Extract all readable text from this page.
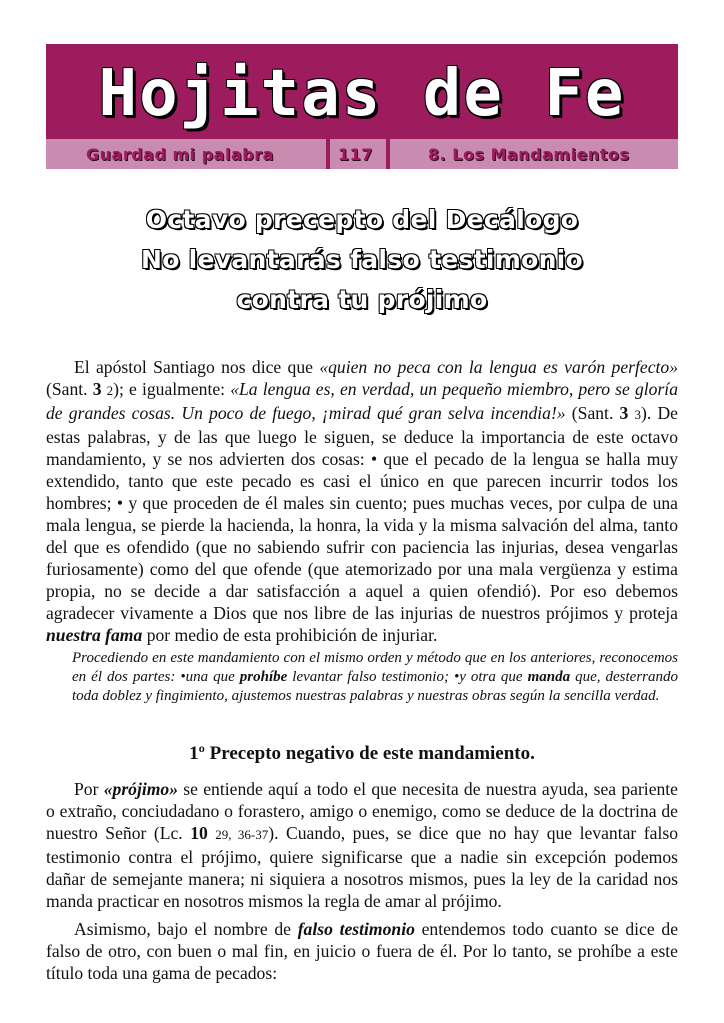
Hojitas de Fe
Guardad mi palabra	117	8. Los Mandamientos
Octavo precepto del Decálogo
No levantarás falso testimonio
contra tu prójimo

El apóstol Santiago nos dice que «quien no peca con la lengua es varón perfecto» (Sant. 3 2); e igualmente: «La lengua es, en verdad, un pequeño miembro, pero se gloría de grandes cosas. Un poco de fuego, ¡mirad qué gran selva incendia!» (Sant. 3 3). De estas palabras, y de las que luego le siguen, se deduce la importancia de este octavo mandamiento, y se nos advierten dos cosas: • que el pecado de la lengua se halla muy extendido, tanto que este pecado es casi el único en que parecen incurrir todos los hombres; • y que proceden de él males sin cuento; pues muchas veces, por culpa de una mala lengua, se pierde la hacienda, la honra, la vida y la misma salvación del alma, tanto del que es ofendido (que no sabiendo sufrir con paciencia las injurias, desea vengarlas furiosamente) como del que ofende (que atemorizado por una mala vergüenza y estima propia, no se decide a dar satisfacción a aquel a quien ofendió). Por eso debemos agradecer vivamente a Dios que nos libre de las injurias de nuestros prójimos y proteja nuestra fama por medio de esta prohibición de injuriar.

Procediendo en este mandamiento con el mismo orden y método que en los anteriores, reconocemos en él dos partes: •una que prohíbe levantar falso testimonio; •y otra que manda que, desterrando toda doblez y fingimiento, ajustemos nuestras palabras y nuestras obras según la sencilla verdad.
1º Precepto negativo de este mandamiento.

Por «prójimo» se entiende aquí a todo el que necesita de nuestra ayuda, sea pariente o extraño, conciudadano o forastero, amigo o enemigo, como se deduce de la doctrina de nuestro Señor (Lc. 10 29, 36-37). Cuando, pues, se dice que no hay que levantar falso testimonio contra el prójimo, quiere significarse que a nadie sin excepción podemos dañar de semejante manera; ni siquiera a nosotros mismos, pues la ley de la caridad nos manda practicar en nosotros mismos la regla de amar al prójimo.

Asimismo, bajo el nombre de falso testimonio entendemos todo cuanto se dice de falso de otro, con buen o mal fin, en juicio o fuera de él. Por lo tanto, se prohíbe a este título toda una gama de pecados:
